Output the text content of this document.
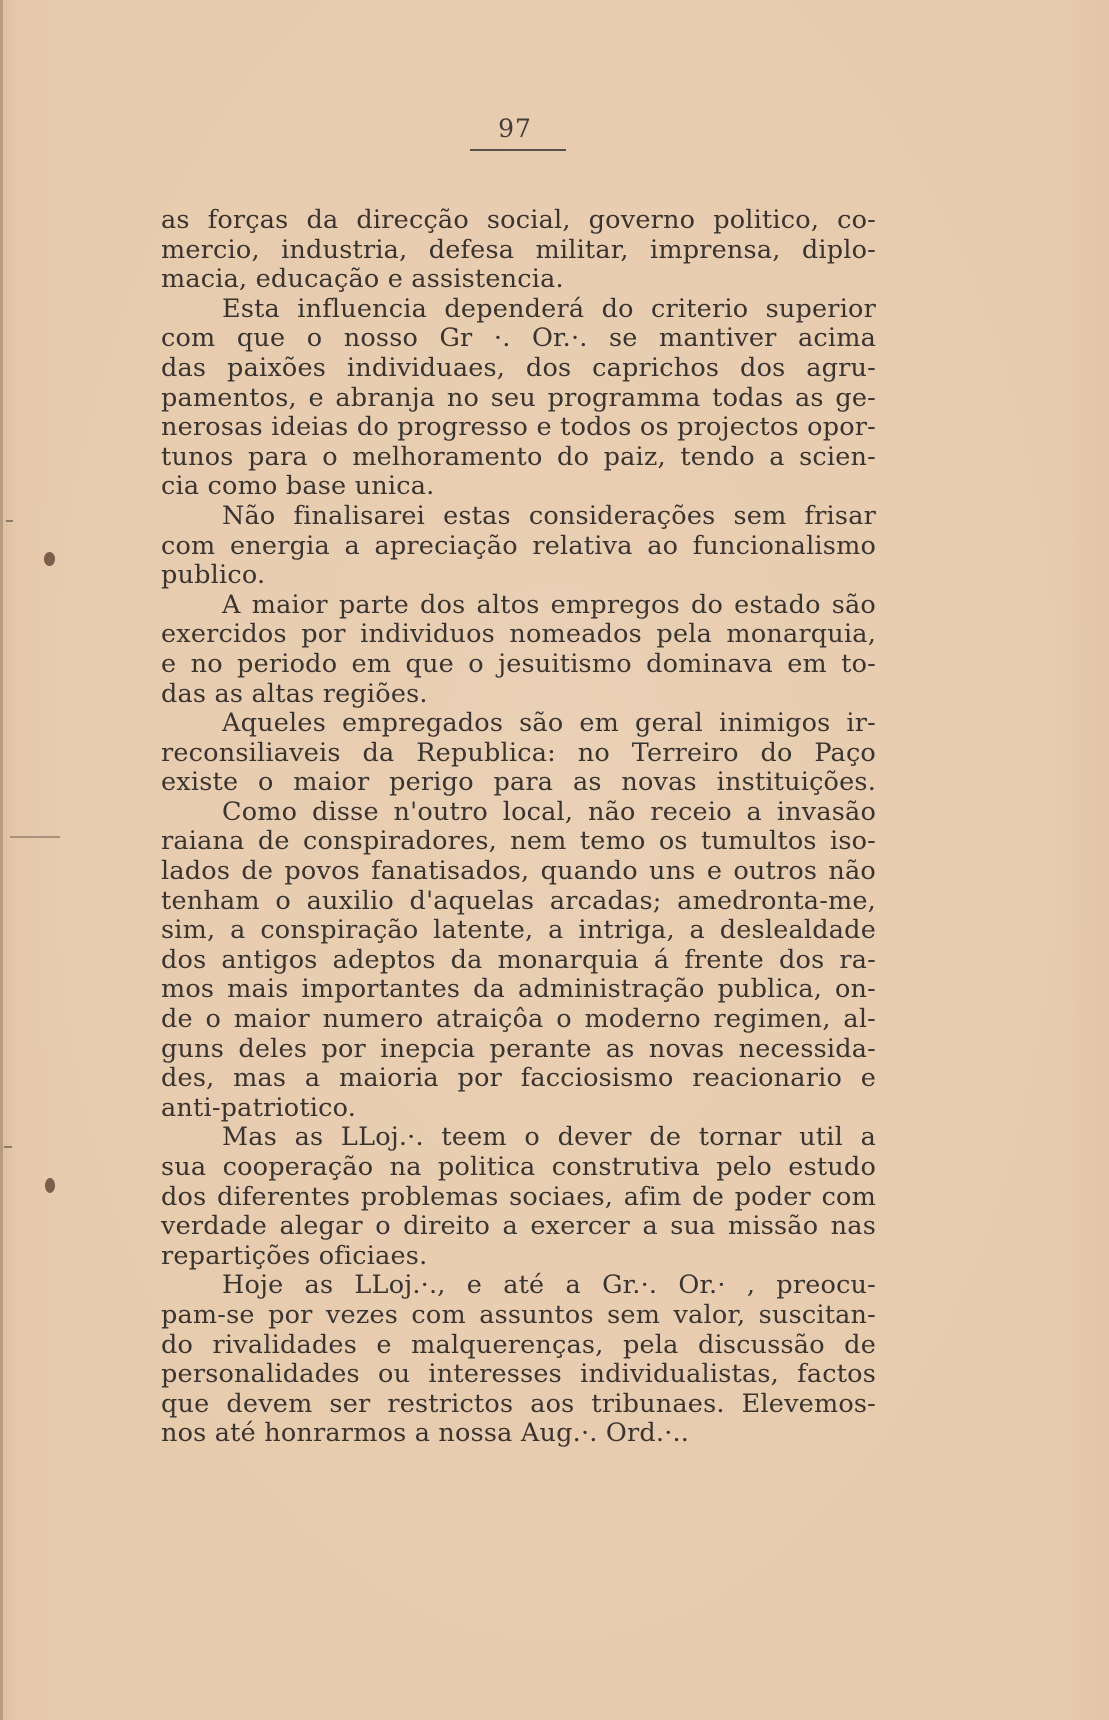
97
as forças da direcção social, governo politico, co-
mercio, industria, defesa militar, imprensa, diplo-
macia, educação e assistencia.
Esta influencia dependerá do criterio superior
com que o nosso Gr ·. Or.·. se mantiver acima
das paixões individuaes, dos caprichos dos agru-
pamentos, e abranja no seu programma todas as ge-
nerosas ideias do progresso e todos os projectos opor-
tunos para o melhoramento do paiz, tendo a scien-
cia como base unica.
Não finalisarei estas considerações sem frisar
com energia a apreciação relativa ao funcionalismo
publico.
A maior parte dos altos empregos do estado são
exercidos por individuos nomeados pela monarquia,
e no periodo em que o jesuitismo dominava em to-
das as altas regiões.
Aqueles empregados são em geral inimigos ir-
reconsiliaveis da Republica: no Terreiro do Paço
existe o maior perigo para as novas instituições.
Como disse n'outro local, não receio a invasão
raiana de conspiradores, nem temo os tumultos iso-
lados de povos fanatisados, quando uns e outros não
tenham o auxilio d'aquelas arcadas; amedronta-me,
sim, a conspiração latente, a intriga, a deslealdade
dos antigos adeptos da monarquia á frente dos ra-
mos mais importantes da administração publica, on-
de o maior numero atraiçôa o moderno regimen, al-
guns deles por inepcia perante as novas necessida-
des, mas a maioria por facciosismo reacionario e
anti-patriotico.
Mas as LLoj.·. teem o dever de tornar util a
sua cooperação na politica construtiva pelo estudo
dos diferentes problemas sociaes, afim de poder com
verdade alegar o direito a exercer a sua missão nas
repartições oficiaes.
Hoje as LLoj.·., e até a Gr.·. Or.· , preocu-
pam-se por vezes com assuntos sem valor, suscitan-
do rivalidades e malquerenças, pela discussão de
personalidades ou interesses individualistas, factos
que devem ser restrictos aos tribunaes. Elevemos-
nos até honrarmos a nossa Aug.·. Ord.·..
